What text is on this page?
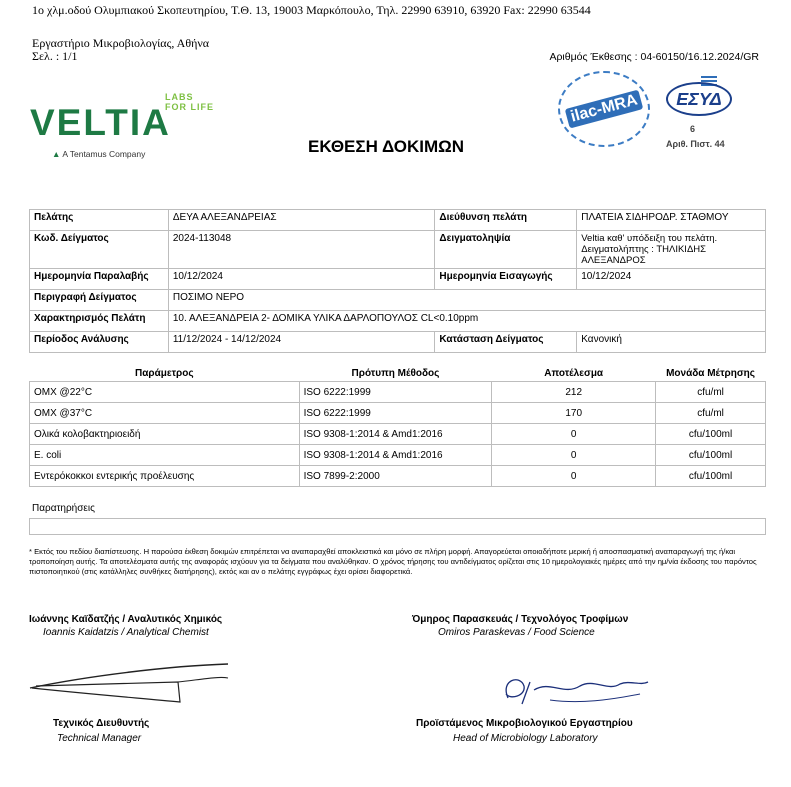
1ο χλμ.οδού Ολυμπιακού Σκοπευτηρίου, Τ.Θ. 13, 19003 Μαρκόπουλο, Τηλ. 22990 63910, 63920 Fax: 22990 63544
Εργαστήριο Μικροβιολογίας, Αθήνα
Σελ. : 1/1	Αριθμός Έκθεσης : 04-60150/16.12.2024/GR
VELTIA
LABS
FOR LIFE
▲ A Tentamus Company	ΕΚΘΕΣΗ ΔΟΚΙΜΩΝ
ilac-MRA	ΕΣΥΔ
6
Αριθ. Πιστ. 44
Πελάτης	ΔΕΥΑ ΑΛΕΞΑΝΔΡΕΙΑΣ	Διεύθυνση πελάτη	ΠΛΑΤΕΙΑ ΣΙΔΗΡΟΔΡ. ΣΤΑΘΜΟΥ
Κωδ. Δείγματος	2024-113048	Δειγματοληψία	Veltia καθ' υπόδειξη του πελάτη. Δειγματολήπτης : ΤΗΛΙΚΙΔΗΣ ΑΛΕΞΑΝΔΡΟΣ
Ημερομηνία Παραλαβής	10/12/2024	Ημερομηνία Εισαγωγής	10/12/2024
Περιγραφή Δείγματος	ΠΟΣΙΜΟ ΝΕΡΟ		
Χαρακτηρισμός Πελάτη	10. ΑΛΕΞΑΝΔΡΕΙΑ 2- ΔΟΜΙΚΑ ΥΛΙΚΑ ΔΑΡΛΟΠΟΥΛΟΣ CL<0.10ppm		
Περίοδος Ανάλυσης	11/12/2024 - 14/12/2024	Κατάσταση Δείγματος	Κανονική
Παράμετρος	Πρότυπη Μέθοδος	Αποτέλεσμα	Μονάδα Μέτρησης
ΟΜΧ @22°C	ISO 6222:1999	212	cfu/ml
ΟΜΧ @37°C	ISO 6222:1999	170	cfu/ml
Ολικά κολοβακτηριοειδή	ISO 9308-1:2014 & Amd1:2016	0	cfu/100ml
E. coli	ISO 9308-1:2014 & Amd1:2016	0	cfu/100ml
Εντερόκοκκοι εντερικής προέλευσης	ISO 7899-2:2000	0	cfu/100ml
Παρατηρήσεις
* Εκτός του πεδίου διαπίστευσης. Η παρούσα έκθεση δοκιμών επιτρέπεται να αναπαραχθεί αποκλειστικά και μόνο σε πλήρη μορφή. Απαγορεύεται οποιαδήποτε μερική ή αποσπασματική αναπαραγωγή της ή/και τροποποίηση αυτής. Τα αποτελέσματα αυτής της αναφοράς ισχύουν για τα δείγματα που αναλύθηκαν. Ο χρόνος τήρησης του αντιδείγματος ορίζεται στις 10 ημερολογιακές ημέρες από την ημ/νία έκδοσης του παρόντος πιστοποιητικού (στις κατάλληλες συνθήκες διατήρησης), εκτός και αν ο πελάτης εγγράφως έχει ορίσει διαφορετικά.
Ιωάννης Καϊδατζής / Αναλυτικός Χημικός
Ioannis Kaidatzis / Analytical Chemist
Όμηρος Παρασκευάς / Τεχνολόγος Τροφίμων
Omiros Paraskevas / Food Science
Τεχνικός Διευθυντής
Technical Manager
Προϊστάμενος Μικροβιολογικού Εργαστηρίου
Head of Microbiology Laboratory
